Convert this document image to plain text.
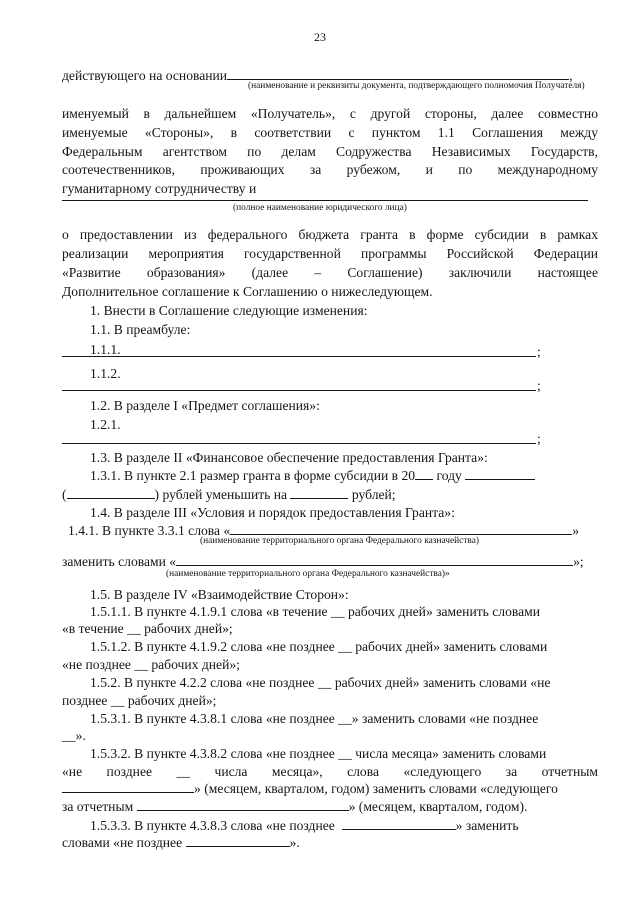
23
действующего на основании	,
(наименование и реквизиты документа, подтверждающего полномочия Получателя)
именуемый в дальнейшем «Получатель», с другой стороны, далее совместно
именуемые «Стороны», в соответствии с пунктом 1.1 Соглашения между
Федеральным агентством по делам Содружества Независимых Государств,
соотечественников, проживающих за рубежом, и по международному
гуманитарному сотрудничеству и
(полное наименование юридического лица)
о предоставлении из федерального бюджета гранта в форме субсидии в рамках
реализации мероприятия государственной программы Российской Федерации
«Развитие образования» (далее – Соглашение) заключили настоящее
Дополнительное соглашение к Соглашению о нижеследующем.
1. Внести в Соглашение следующие изменения:
1.1. В преамбуле:
1.1.1.	;
1.1.2.
;
1.2. В разделе I «Предмет соглашения»:
1.2.1.
;
1.3. В разделе II «Финансовое обеспечение предоставления Гранта»:
1.3.1. В пункте 2.1 размер гранта в форме субсидии в 20 году
(	) рублей уменьшить на	рублей;
1.4. В разделе III «Условия и порядок предоставления Гранта»:
1.4.1. В пункте 3.3.1 слова «	»
(наименование территориального органа Федерального казначейства)
заменить словами «	»;
(наименование территориального органа Федерального казначейства)»
1.5. В разделе IV «Взаимодействие Сторон»:
1.5.1.1. В пункте 4.1.9.1 слова «в течение __ рабочих дней» заменить словами
«в течение __ рабочих дней»;
1.5.1.2. В пункте 4.1.9.2 слова «не позднее __ рабочих дней» заменить словами
«не позднее __ рабочих дней»;
1.5.2. В пункте 4.2.2 слова «не позднее __ рабочих дней» заменить словами «не
позднее __ рабочих дней»;
1.5.3.1. В пункте 4.3.8.1 слова «не позднее __» заменить словами «не позднее
__».
1.5.3.2. В пункте 4.3.8.2 слова «не позднее __ числа месяца» заменить словами
«не позднее __ числа месяца», слова «следующего за отчетным
» (месяцем, кварталом, годом) заменить словами «следующего
за отчетным	» (месяцем, кварталом, годом).
1.5.3.3. В пункте 4.3.8.3 слова «не позднее	» заменить
словами «не позднее	».
